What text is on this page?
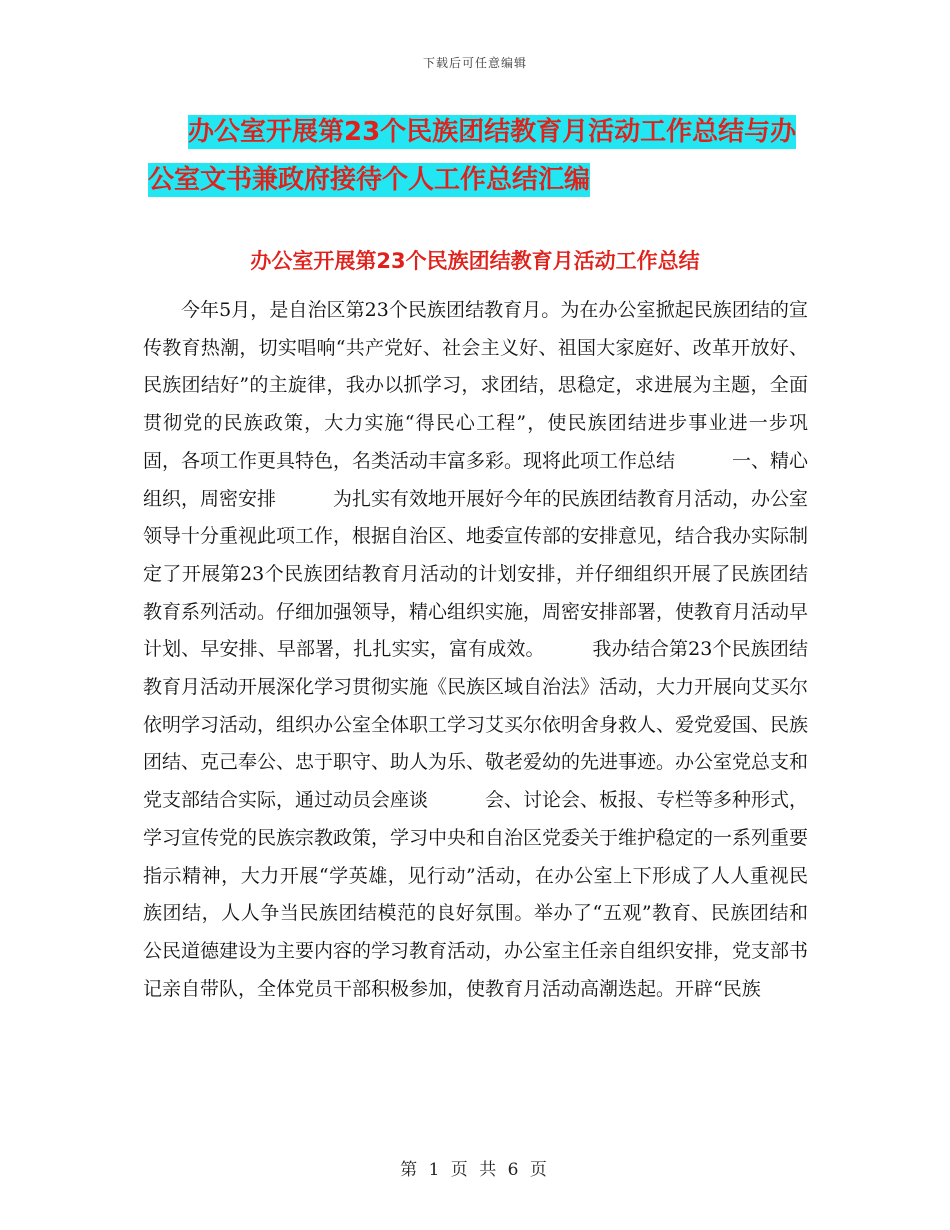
下载后可任意编辑
办公室开展第23个民族团结教育月活动工作总结与办
公室文书兼政府接待个人工作总结汇编
办公室开展第23个民族团结教育月活动工作总结

今年5月，是自治区第23个民族团结教育月。为在办公室掀起民族团结的宣传教育热潮，切实唱响“共产党好、社会主义好、祖国大家庭好、改革开放好、民族团结好”的主旋律，我办以抓学习，求团结，思稳定，求进展为主题，全面贯彻党的民族政策，大力实施“得民心工程”，使民族团结进步事业进一步巩固，各项工作更具特色，名类活动丰富多彩。现将此项工作总结　　　一、精心组织，周密安排　　　为扎实有效地开展好今年的民族团结教育月活动，办公室领导十分重视此项工作，根据自治区、地委宣传部的安排意见，结合我办实际制定了开展第23个民族团结教育月活动的计划安排，并仔细组织开展了民族团结教育系列活动。仔细加强领导，精心组织实施，周密安排部署，使教育月活动早计划、早安排、早部署，扎扎实实，富有成效。　　　我办结合第23个民族团结教育月活动开展深化学习贯彻实施《民族区域自治法》活动，大力开展向艾买尔依明学习活动，组织办公室全体职工学习艾买尔依明舍身救人、爱党爱国、民族团结、克己奉公、忠于职守、助人为乐、敬老爱幼的先进事迹。办公室党总支和党支部结合实际，通过动员会座谈　　　会、讨论会、板报、专栏等多种形式，学习宣传党的民族宗教政策，学习中央和自治区党委关于维护稳定的一系列重要指示精神，大力开展“学英雄，见行动”活动，在办公室上下形成了人人重视民族团结，人人争当民族团结模范的良好氛围。举办了“五观”教育、民族团结和公民道德建设为主要内容的学习教育活动，办公室主任亲自组织安排，党支部书记亲自带队，全体党员干部积极参加，使教育月活动高潮迭起。开辟“民族

第 1 页 共 6 页
